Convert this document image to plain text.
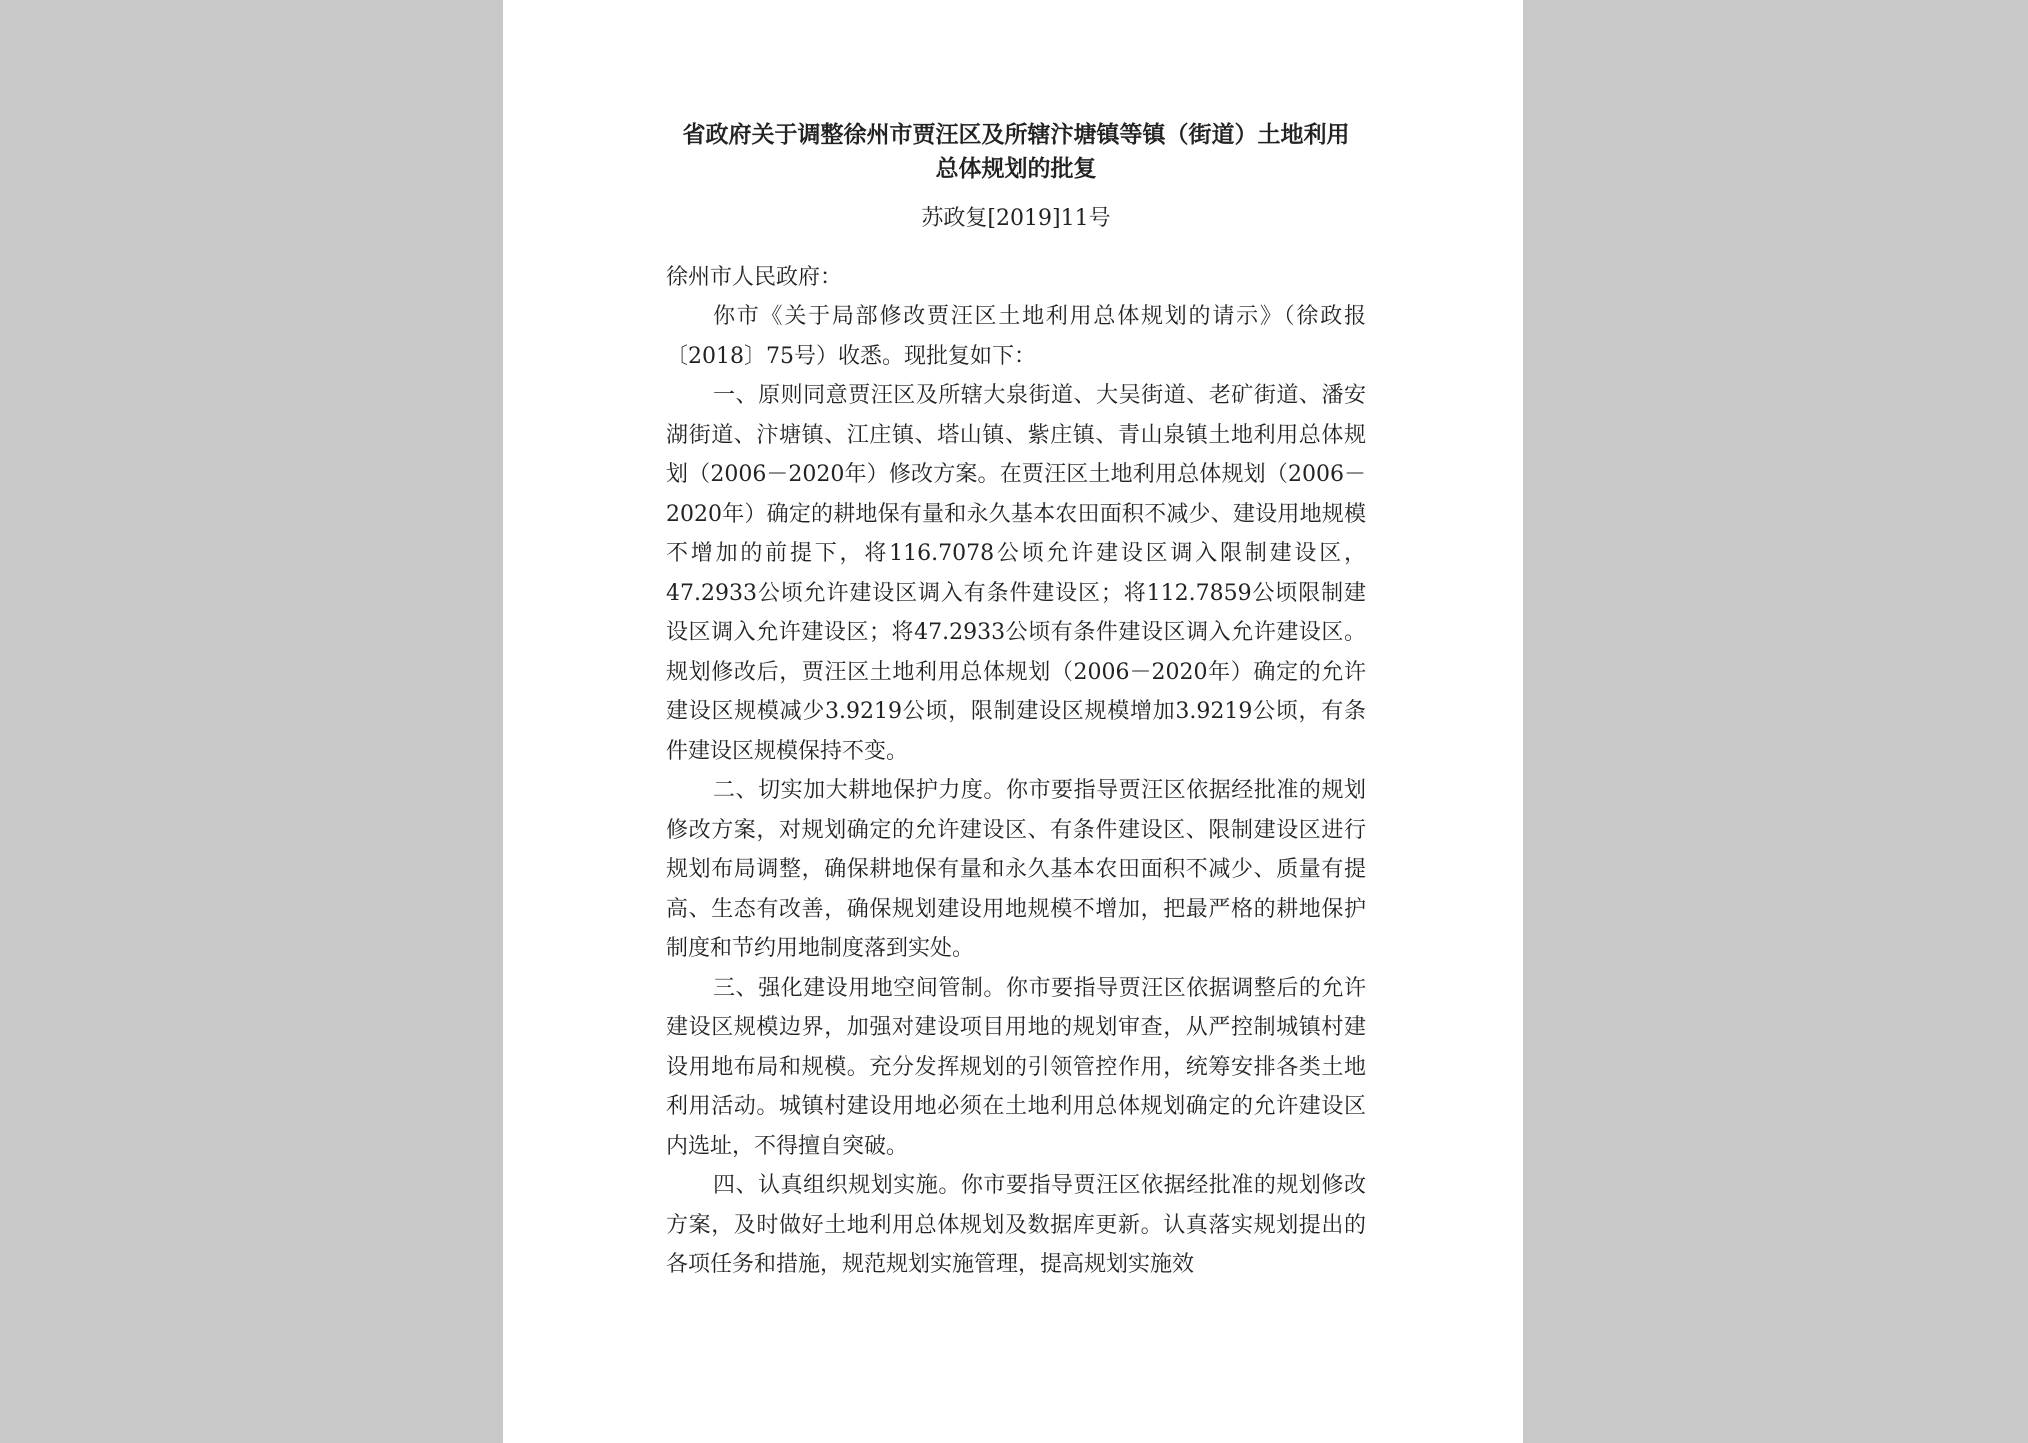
省政府关于调整徐州市贾汪区及所辖汴塘镇等镇（街道）土地利用
总体规划的批复

苏政复[2019]11号

徐州市人民政府：

你市《关于局部修改贾汪区土地利用总体规划的请示》（徐政报〔2018〕75号）收悉。现批复如下：

一、原则同意贾汪区及所辖大泉街道、大吴街道、老矿街道、潘安湖街道、汴塘镇、江庄镇、塔山镇、紫庄镇、青山泉镇土地利用总体规划（2006－2020年）修改方案。在贾汪区土地利用总体规划（2006－2020年）确定的耕地保有量和永久基本农田面积不减少、建设用地规模不增加的前提下，将116.7078公顷允许建设区调入限制建设区，47.2933公顷允许建设区调入有条件建设区；将112.7859公顷限制建设区调入允许建设区；将47.2933公顷有条件建设区调入允许建设区。规划修改后，贾汪区土地利用总体规划（2006－2020年）确定的允许建设区规模减少3.9219公顷，限制建设区规模增加3.9219公顷，有条件建设区规模保持不变。

二、切实加大耕地保护力度。你市要指导贾汪区依据经批准的规划修改方案，对规划确定的允许建设区、有条件建设区、限制建设区进行规划布局调整，确保耕地保有量和永久基本农田面积不减少、质量有提高、生态有改善，确保规划建设用地规模不增加，把最严格的耕地保护制度和节约用地制度落到实处。

三、强化建设用地空间管制。你市要指导贾汪区依据调整后的允许建设区规模边界，加强对建设项目用地的规划审查，从严控制城镇村建设用地布局和规模。充分发挥规划的引领管控作用，统筹安排各类土地利用活动。城镇村建设用地必须在土地利用总体规划确定的允许建设区内选址，不得擅自突破。

四、认真组织规划实施。你市要指导贾汪区依据经批准的规划修改方案，及时做好土地利用总体规划及数据库更新。认真落实规划提出的各项任务和措施，规范规划实施管理，提高规划实施效
